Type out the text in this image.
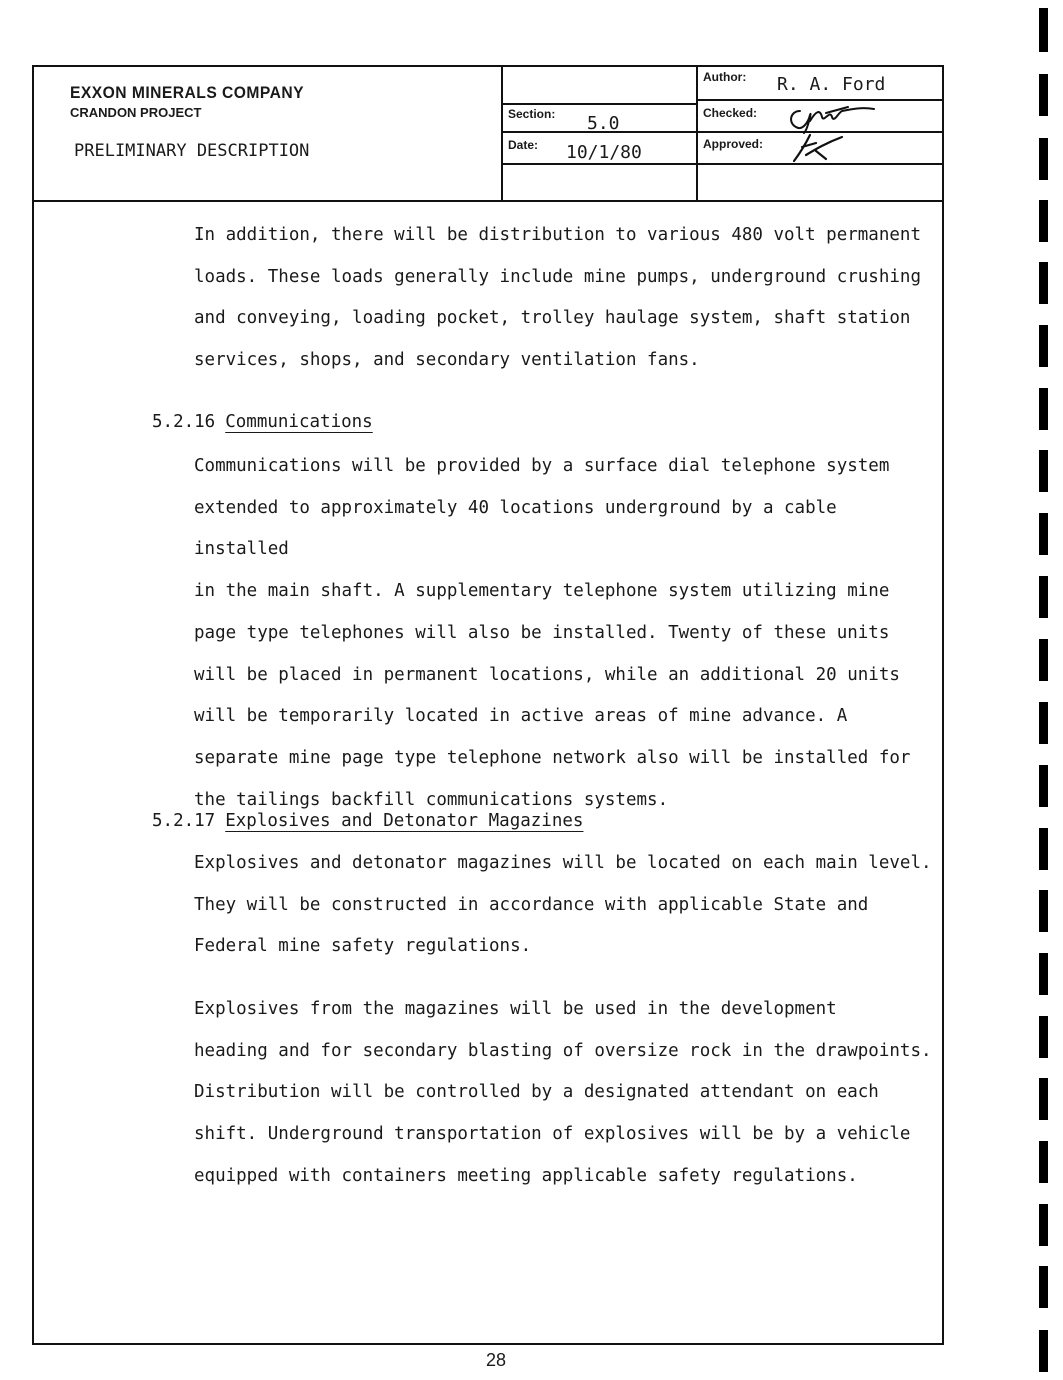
EXXON MINERALS COMPANY
CRANDON PROJECT
PRELIMINARY DESCRIPTION
Section: 5.0
Date: 10/1/80
Author: R. A. Ford
Checked:
Approved:

In addition, there will be distribution to various 480 volt permanent
loads. These loads generally include mine pumps, underground crushing
and conveying, loading pocket, trolley haulage system, shaft station
services, shops, and secondary ventilation fans.

5.2.16 Communications

Communications will be provided by a surface dial telephone system
extended to approximately 40 locations underground by a cable installed
in the main shaft. A supplementary telephone system utilizing mine
page type telephones will also be installed. Twenty of these units
will be placed in permanent locations, while an additional 20 units
will be temporarily located in active areas of mine advance. A
separate mine page type telephone network also will be installed for
the tailings backfill communications systems.

5.2.17 Explosives and Detonator Magazines

Explosives and detonator magazines will be located on each main level.
They will be constructed in accordance with applicable State and
Federal mine safety regulations.

Explosives from the magazines will be used in the development
heading and for secondary blasting of oversize rock in the drawpoints.
Distribution will be controlled by a designated attendant on each
shift. Underground transportation of explosives will be by a vehicle
equipped with containers meeting applicable safety regulations.

28
